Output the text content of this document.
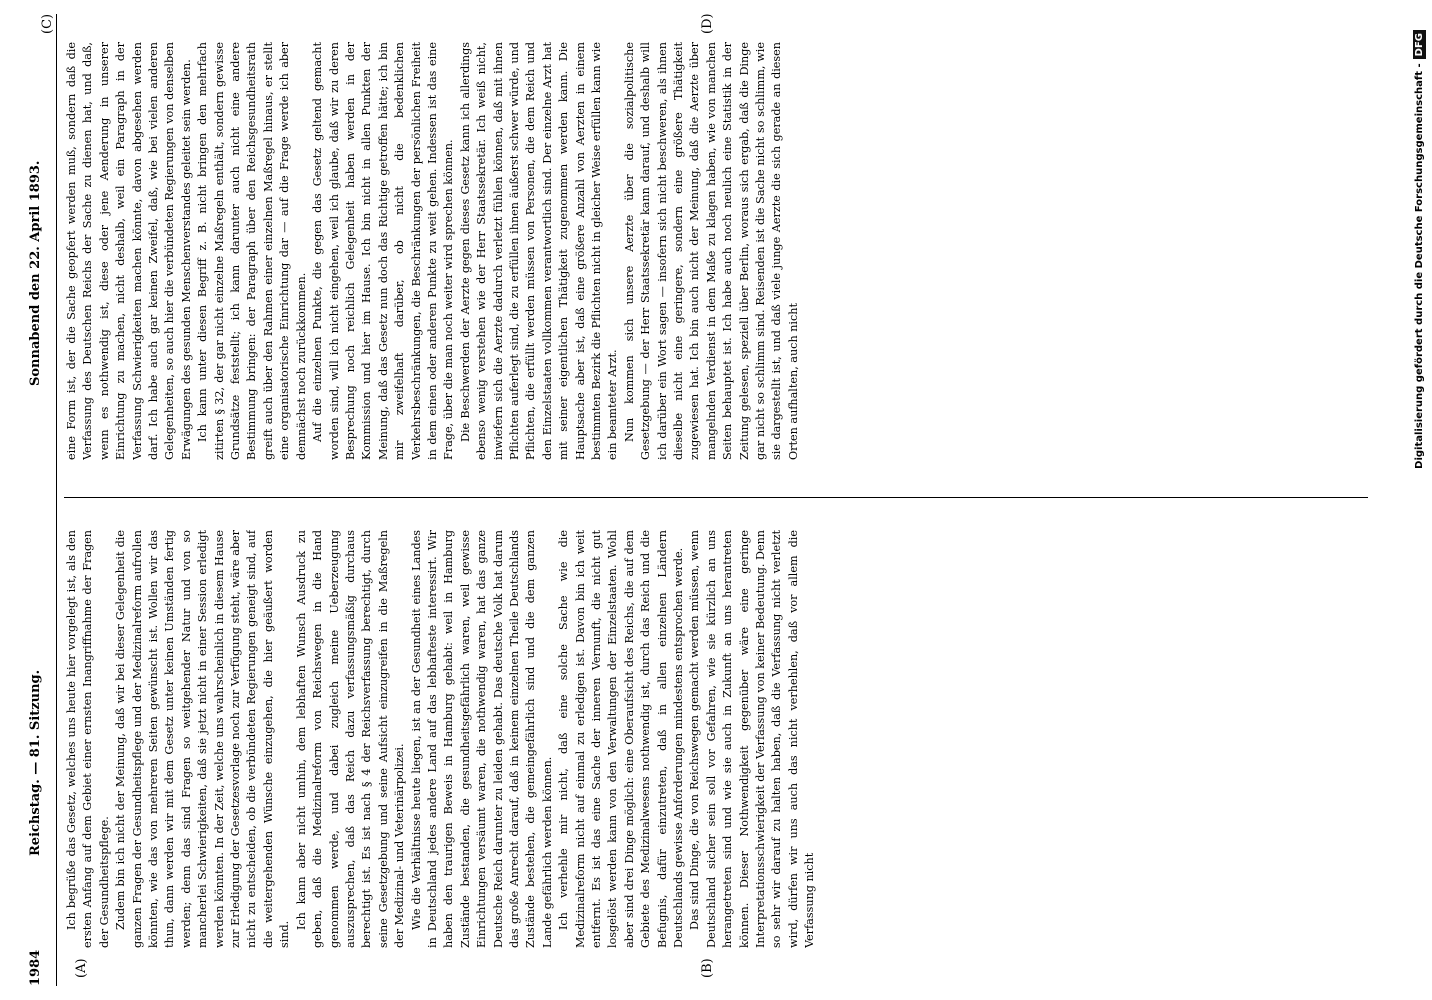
1984
Reichstag. — 81. Sitzung.
Sonnabend den 22. April 1893.
(A)	(B)
(C)	(D)

Ich begrüße das Gesetz, welches uns heute hier vorgelegt ist, als den ersten Anfang auf dem Gebiet einer ernsten Inangriffnahme der Fragen der Gesundheitspflege. Zudem bin ich nicht der Meinung, daß wir bei dieser Gelegenheit die ganzen Fragen der Gesundheitspflege und der Medizinalreform aufrollen könnten, wie das von mehreren Seiten gewünscht ist. Wollen wir das thun, dann werden wir mit dem Gesetz unter keinen Umständen fertig werden; denn das sind Fragen so weitgehender Natur und von so mancherlei Schwierigkeiten, daß sie jetzt nicht in einer Session erledigt werden könnten. In der Zeit, welche uns wahrscheinlich in diesem Hause zur Erledigung der Gesetzesvorlage noch zur Verfügung steht, wäre aber nicht zu entscheiden, ob die verbündeten Regierungen geneigt sind, auf die weitergehenden Wünsche einzugehen, die hier geäußert worden sind.

Ich kann aber nicht umhin, dem lebhaften Wunsch Ausdruck zu geben, daß die Medizinalreform von Reichswegen in die Hand genommen werde, und dabei zugleich meine Ueberzeugung auszusprechen, daß das Reich dazu verfassungsmäßig durchaus berechtigt ist. Es ist nach § 4 der Reichsverfassung berechtigt, durch seine Gesetzgebung und seine Aufsicht einzugreifen in die Maßregeln der Medizinal- und Veterinärpolizei. Wie die Verhältnisse heute liegen, ist an der Gesundheit eines Landes in Deutschland jedes andere Land auf das lebhafteste interessirt. Wir haben den traurigen Beweis in Hamburg gehabt: weil in Hamburg Zustände bestanden, die gesundheitsgefährlich waren, weil gewisse Einrichtungen versäumt waren, die nothwendig waren, hat das ganze Deutsche Reich darunter zu leiden gehabt. Das deutsche Volk hat darum das große Anrecht darauf, daß in keinem einzelnen Theile Deutschlands Zustände bestehen, die gemeingefährlich sind und die dem ganzen Lande gefährlich werden können. Ich verhehle mir nicht, daß eine solche Sache wie die Medizinalreform nicht auf einmal zu erledigen ist. Davon bin ich weit entfernt. Es ist das eine Sache der inneren Vernunft, die nicht gut losgelöst werden kann von den Verwaltungen der Einzelstaaten. Wohl aber sind drei Dinge möglich: eine Oberaufsicht des Reichs, die auf dem Gebiete des Medizinalwesens nothwendig ist, durch das Reich und die Befugnis, dafür einzutreten, daß in allen einzelnen Ländern Deutschlands gewisse Anforderungen mindestens entsprochen werde. Das sind Dinge, die von Reichswegen gemacht werden müssen, wenn Deutschland sicher sein soll vor Gefahren, wie sie kürzlich an uns herangetreten sind und wie sie auch in Zukunft an uns herantreten können. Dieser Nothwendigkeit gegenüber wäre eine geringe Interpretationsschwierigkeit der Verfassung von keiner Bedeutung. Denn so sehr wir darauf zu halten haben, daß die Verfassung nicht verletzt wird, dürfen wir uns auch das nicht verhehlen, daß vor allem die Verfassung nicht

eine Form ist, der die Sache geopfert werden muß, sondern daß die Verfassung des Deutschen Reichs der Sache zu dienen hat, und daß, wenn es nothwendig ist, diese oder jene Aenderung in unserer Einrichtung zu machen, nicht deshalb, weil ein Paragraph in der Verfassung Schwierigkeiten machen könnte, davon abgesehen werden darf. Ich habe auch gar keinen Zweifel, daß, wie bei vielen anderen Gelegenheiten, so auch hier die verbündeten Regierungen von denselben Erwägungen des gesunden Menschenverstandes geleitet sein werden. Ich kann unter diesen Begriff z. B. nicht bringen den mehrfach zitirten § 32, der gar nicht einzelne Maßregeln enthält, sondern gewisse Grundsätze feststellt; ich kann darunter auch nicht eine andere Bestimmung bringen: der Paragraph über den Reichsgesundheitsrath greift auch über den Rahmen einer einzelnen Maßregel hinaus, er stellt eine organisatorische Einrichtung dar — auf die Frage werde ich aber demnächst noch zurückkommen. Auf die einzelnen Punkte, die gegen das Gesetz geltend gemacht worden sind, will ich nicht eingehen, weil ich glaube, daß wir zu deren Besprechung noch reichlich Gelegenheit haben werden in der Kommission und hier im Hause. Ich bin nicht in allen Punkten der Meinung, daß das Gesetz nun doch das Richtige getroffen hätte; ich bin mir zweifelhaft darüber, ob nicht die bedenklichen Verkehrsbeschränkungen, die Beschränkungen der persönlichen Freiheit in dem einen oder anderen Punkte zu weit gehen. Indessen ist das eine Frage, über die man noch weiter wird sprechen können. Die Beschwerden der Aerzte gegen dieses Gesetz kann ich allerdings ebenso wenig verstehen wie der Herr Staatssekretär. Ich weiß nicht, inwiefern sich die Aerzte dadurch verletzt fühlen können, daß mit ihnen Pflichten auferlegt sind, die zu erfüllen ihnen äußerst schwer würde, und Pflichten, die erfüllt werden müssen von Personen, die dem Reich und den Einzelstaaten vollkommen verantwortlich sind. Der einzelne Arzt hat mit seiner eigentlichen Thätigkeit zugenommen werden kann. Die Hauptsache aber ist, daß eine größere Anzahl von Aerzten in einem bestimmten Bezirk die Pflichten nicht in gleicher Weise erfüllen kann wie ein beamteter Arzt. Nun kommen sich unsere Aerzte über die sozialpolitische Gesetzgebung — der Herr Staatssekretär kann darauf, und deshalb will ich darüber ein Wort sagen — insofern sich nicht beschweren, als ihnen dieselbe nicht eine geringere, sondern eine größere Thätigkeit zugewiesen hat. Ich bin auch nicht der Meinung, daß die Aerzte über mangelnden Verdienst in dem Maße zu klagen haben, wie von manchen Seiten behauptet ist. Ich habe auch noch neulich eine Statistik in der Zeitung gelesen, speziell über Berlin, woraus sich ergab, daß die Dinge gar nicht so schlimm sind. Reisenden ist die Sache nicht so schlimm, wie sie dargestellt ist, und daß viele junge Aerzte die sich gerade an diesen Orten aufhalten, auch nicht	Digitalisierung gefördert durch die Deutsche Forschungsgemeinschaft -DFG
